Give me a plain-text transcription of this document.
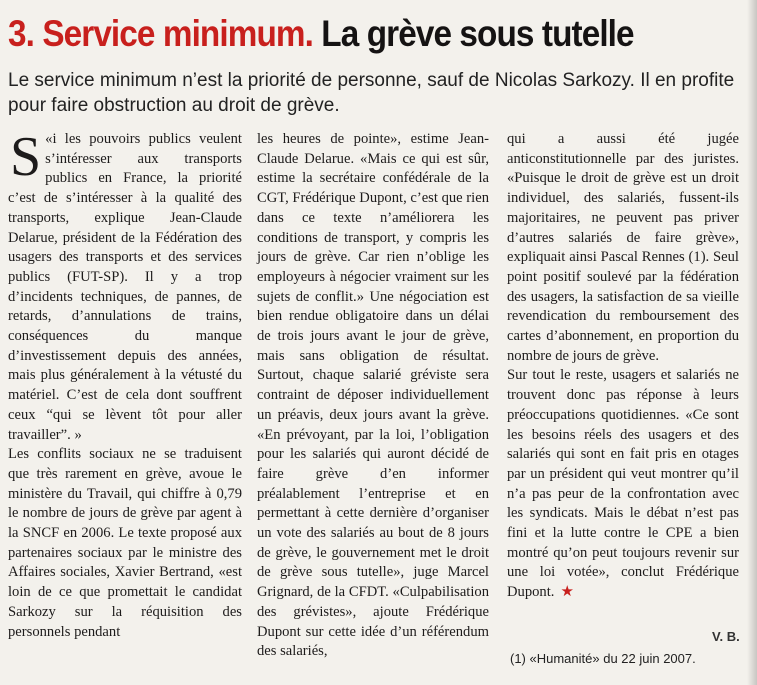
3. Service minimum. La grève sous tutelle
Le service minimum n’est la priorité de personne, sauf de Nicolas Sarkozy. Il en profite pour faire obstruction au droit de grève.

«
S i les pouvoirs publics veulent s’intéresser aux transports publics en France, la priorité c’est de s’intéresser à la qualité des transports, explique Jean-Claude Delarue, président de la Fédération des usagers des transports et des services publics (FUT-SP). Il y a trop d’incidents techniques, de pannes, de retards, d’annulations de trains, conséquences du manque d’investissement depuis des années, mais plus généralement à la vétusté du matériel. C’est de cela dont souffrent ceux “qui se lèvent tôt pour aller travailler”. »

Les conflits sociaux ne se traduisent que très rarement en grève, avoue le ministère du Travail, qui chiffre à 0,79 le nombre de jours de grève par agent à la SNCF en 2006. Le texte proposé aux partenaires sociaux par le ministre des Affaires sociales, Xavier Bertrand, «est loin de ce que promettait le candidat Sarkozy sur la réquisition des personnels pendant

les heures de pointe», estime Jean-Claude Delarue. «Mais ce qui est sûr, estime la secrétaire confédérale de la CGT, Frédérique Dupont, c’est que rien dans ce texte n’améliorera les conditions de transport, y compris les jours de grève. Car rien n’oblige les employeurs à négocier vraiment sur les sujets de conflit.» Une négociation est bien rendue obligatoire dans un délai de trois jours avant le jour de grève, mais sans obligation de résultat. Surtout, chaque salarié gréviste sera contraint de déposer individuellement un préavis, deux jours avant la grève. «En prévoyant, par la loi, l’obligation pour les salariés qui auront décidé de faire grève d’en informer préalablement l’entreprise et en permettant à cette dernière d’organiser un vote des salariés au bout de 8 jours de grève, le gouvernement met le droit de grève sous tutelle», juge Marcel Grignard, de la CFDT. «Culpabilisation des grévistes», ajoute Frédérique Dupont sur cette idée d’un référendum des salariés,

qui a aussi été jugée anticonstitutionnelle par des juristes. «Puisque le droit de grève est un droit individuel, des salariés, fussent-ils majoritaires, ne peuvent pas priver d’autres salariés de faire grève», expliquait ainsi Pascal Rennes (1). Seul point positif soulevé par la fédération des usagers, la satisfaction de sa vieille revendication du remboursement des cartes d’abonnement, en proportion du nombre de jours de grève.

Sur tout le reste, usagers et salariés ne trouvent donc pas réponse à leurs préoccupations quotidiennes. «Ce sont les besoins réels des usagers et des salariés qui sont en fait pris en otages par un président qui veut montrer qu’il n’a pas peur de la confrontation avec les syndicats. Mais le débat n’est pas fini et la lutte contre le CPE a bien montré qu’on peut toujours revenir sur une loi votée», conclut Frédérique Dupont. ★

V. B.
(1) «Humanité» du 22 juin 2007.
